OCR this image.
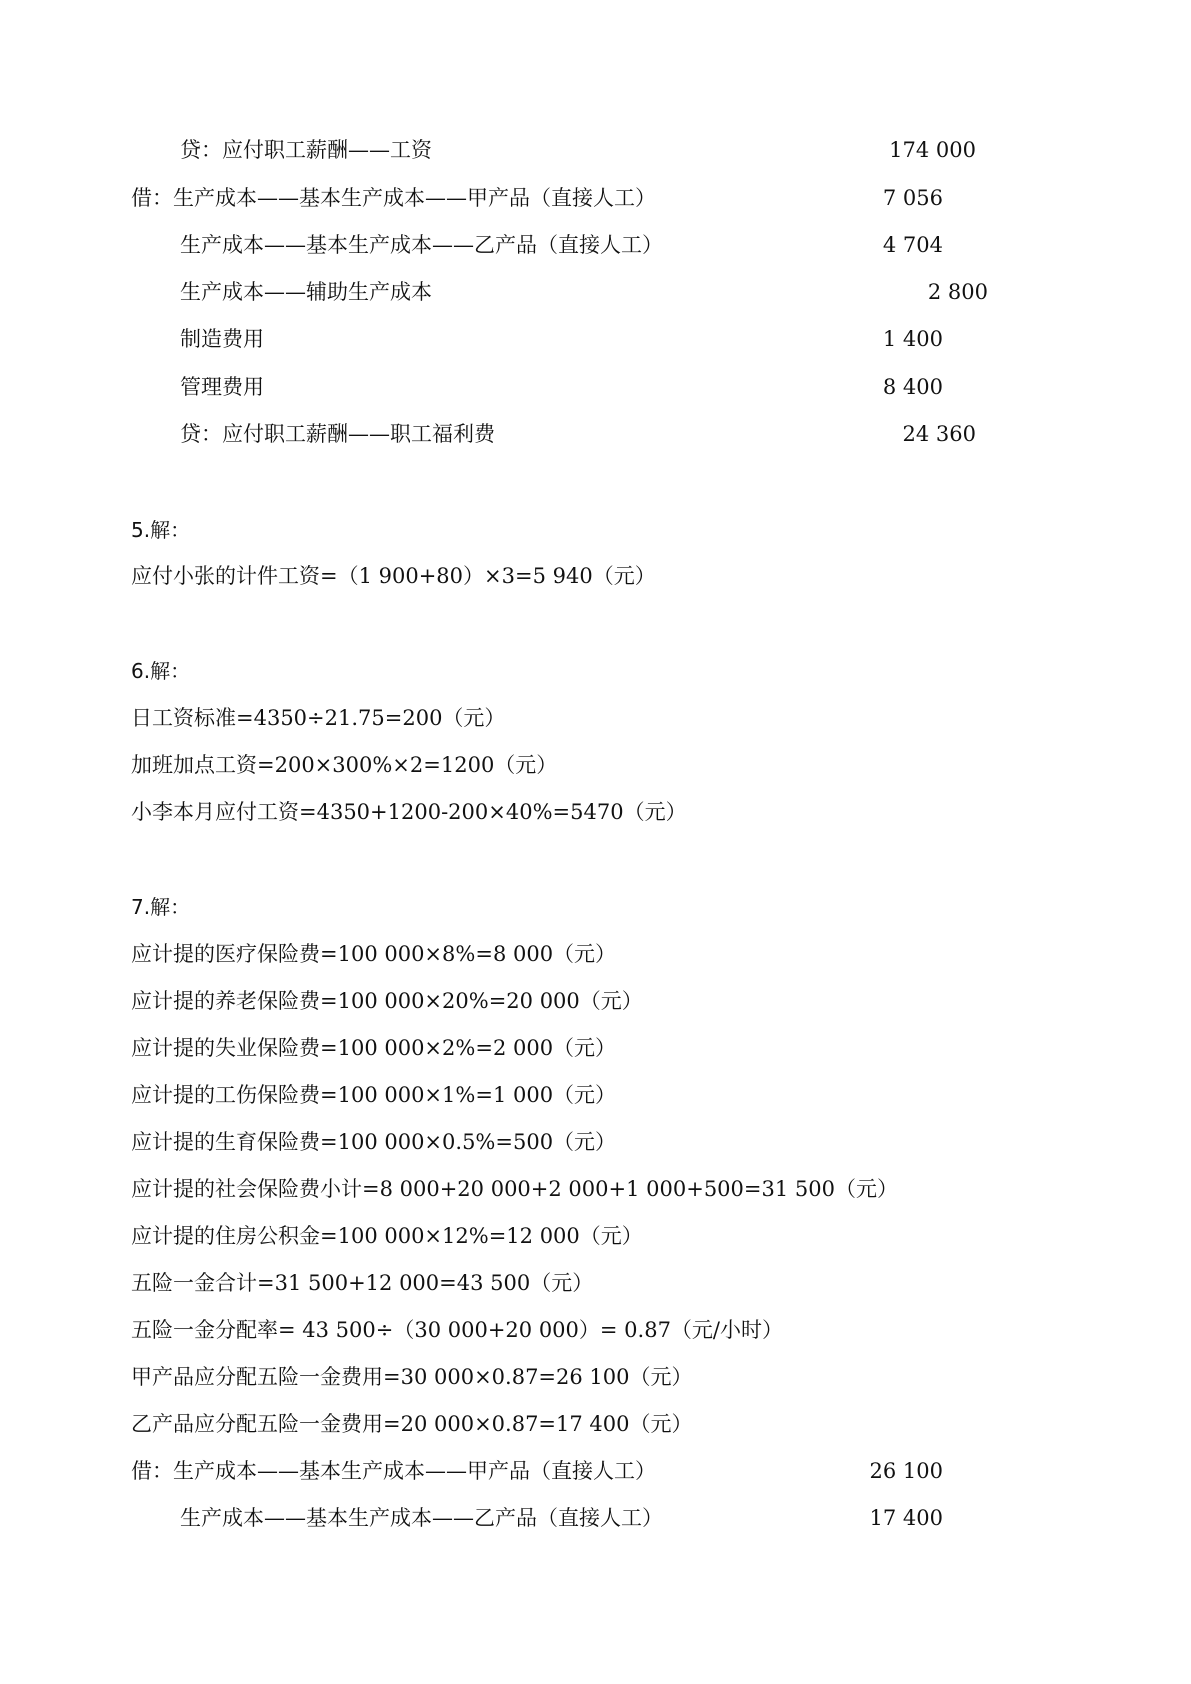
贷：应付职工薪酬——工资	174 000
借：生产成本——基本生产成本——甲产品（直接人工）	7 056
生产成本——基本生产成本——乙产品（直接人工）	4 704
生产成本——辅助生产成本	2 800
制造费用	1 400
管理费用	8 400
贷：应付职工薪酬——职工福利费	24 360
5.解：
应付小张的计件工资=（1 900+80）×3=5 940（元）
6.解：
日工资标准=4350÷21.75=200（元）
加班加点工资=200×300%×2=1200（元）
小李本月应付工资=4350+1200-200×40%=5470（元）
7.解：
应计提的医疗保险费=100 000×8%=8 000（元）
应计提的养老保险费=100 000×20%=20 000（元）
应计提的失业保险费=100 000×2%=2 000（元）
应计提的工伤保险费=100 000×1%=1 000（元）
应计提的生育保险费=100 000×0.5%=500（元）
应计提的社会保险费小计=8 000+20 000+2 000+1 000+500=31 500（元）
应计提的住房公积金=100 000×12%=12 000（元）
五险一金合计=31 500+12 000=43 500（元）
五险一金分配率= 43 500÷（30 000+20 000）= 0.87（元/小时）
甲产品应分配五险一金费用=30 000×0.87=26 100（元）
乙产品应分配五险一金费用=20 000×0.87=17 400（元）
借：生产成本——基本生产成本——甲产品（直接人工）	26 100
生产成本——基本生产成本——乙产品（直接人工）	17 400
